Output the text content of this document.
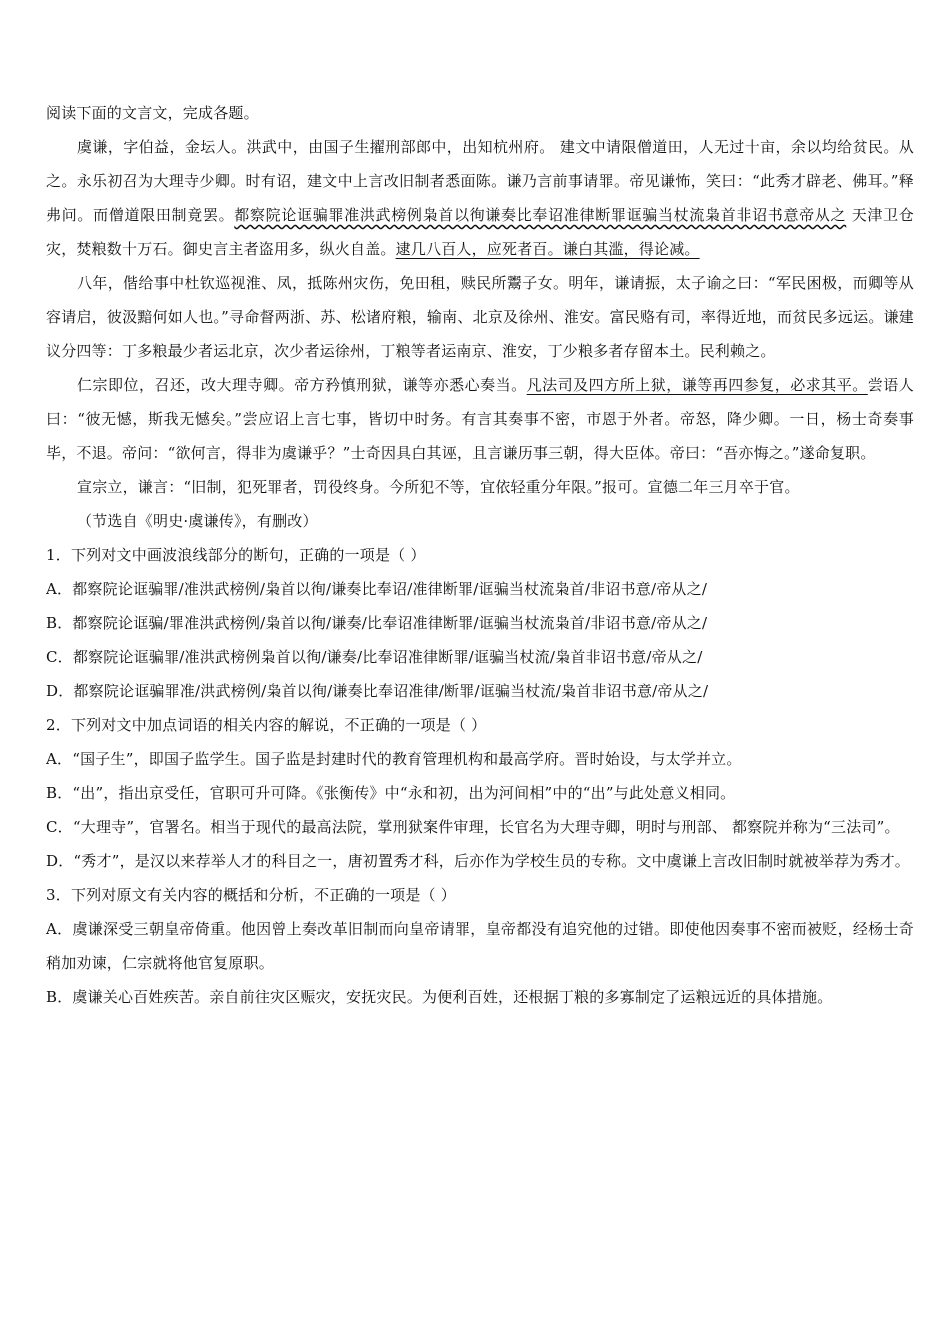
阅读下面的文言文，完成各题。

虞谦，字伯益，金坛人。洪武中，由国子生擢刑部郎中，出知杭州府。 建文中请限僧道田，人无过十亩，余以均给贫民。从之。永乐初召为大理寺少卿。时有诏，建文中上言改旧制者悉面陈。谦乃言前事请罪。帝见谦怖，笑曰：“此秀才辟老、佛耳。”释弗问。而僧道限田制竟罢。都察院论诓骗罪准洪武榜例枭首以徇谦奏比奉诏准律断罪诓骗当杖流枭首非诏书意帝从之 天津卫仓灾，焚粮数十万石。御史言主者盗用多，纵火自盖。逮几八百人，应死者百。谦白其滥，得论减。

八年，偕给事中杜钦巡视淮、凤，抵陈州灾伤，免田租，赎民所鬻子女。明年，谦请振，太子谕之曰：“军民困极，而卿等从容请启，彼汲黯何如人也。”寻命督两浙、苏、松诸府粮，输南、北京及徐州、淮安。富民赂有司，率得近地，而贫民多远运。谦建议分四等：丁多粮最少者运北京，次少者运徐州，丁粮等者运南京、淮安，丁少粮多者存留本土。民利赖之。

仁宗即位，召还，改大理寺卿。帝方矜慎刑狱，谦等亦悉心奏当。凡法司及四方所上狱，谦等再四参复，必求其平。尝语人曰：“彼无憾，斯我无憾矣。”尝应诏上言七事，皆切中时务。有言其奏事不密，市恩于外者。帝怒，降少卿。一日，杨士奇奏事毕，不退。帝问：“欲何言，得非为虞谦乎？”士奇因具白其诬，且言谦历事三朝，得大臣体。帝曰：“吾亦悔之。”遂命复职。

宣宗立，谦言：“旧制，犯死罪者，罚役终身。今所犯不等，宜依轻重分年限。”报可。宣德二年三月卒于官。

（节选自《明史·虞谦传》，有删改）

1．下列对文中画波浪线部分的断句，正确的一项是（ ）

A．都察院论诓骗罪/准洪武榜例/枭首以徇/谦奏比奉诏/准律断罪/诓骗当杖流枭首/非诏书意/帝从之/

B．都察院论诓骗/罪准洪武榜例/枭首以徇/谦奏/比奉诏准律断罪/诓骗当杖流枭首/非诏书意/帝从之/

C．都察院论诓骗罪/准洪武榜例枭首以徇/谦奏/比奉诏准律断罪/诓骗当杖流/枭首非诏书意/帝从之/

D．都察院论诓骗罪准/洪武榜例/枭首以徇/谦奏比奉诏准律/断罪/诓骗当杖流/枭首非诏书意/帝从之/

2．下列对文中加点词语的相关内容的解说，不正确的一项是（ ）

A．“国子生”，即国子监学生。国子监是封建时代的教育管理机构和最高学府。晋时始设，与太学并立。

B．“出”，指出京受任，官职可升可降。《张衡传》中“永和初，出为河间相”中的“出”与此处意义相同。

C．“大理寺”，官署名。相当于现代的最高法院，掌刑狱案件审理，长官名为大理寺卿，明时与刑部、 都察院并称为“三法司”。

D．“秀才”，是汉以来荐举人才的科目之一，唐初置秀才科，后亦作为学校生员的专称。文中虞谦上言改旧制时就被举荐为秀才。

3．下列对原文有关内容的概括和分析，不正确的一项是（ ）

A．虞谦深受三朝皇帝倚重。他因曾上奏改革旧制而向皇帝请罪，皇帝都没有追究他的过错。即使他因奏事不密而被贬，经杨士奇稍加劝谏，仁宗就将他官复原职。

B．虞谦关心百姓疾苦。亲自前往灾区赈灾，安抚灾民。为便利百姓，还根据丁粮的多寡制定了运粮远近的具体措施。
